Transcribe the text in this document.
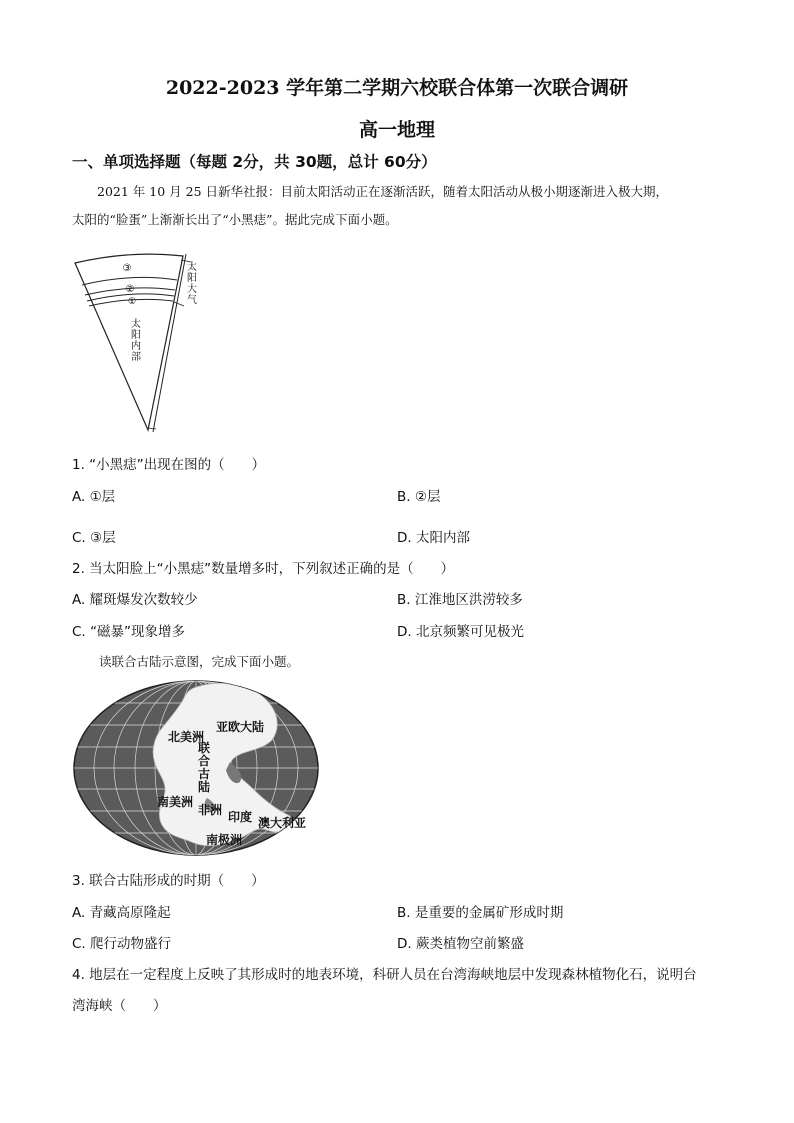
2022-2023 学年第二学期六校联合体第一次联合调研
高一地理
一、单项选择题（每题 2分，共 30题，总计 60分）
2021 年 10 月 25 日新华社报：目前太阳活动正在逐渐活跃，随着太阳活动从极小期逐渐进入极大期，
太阳的“脸蛋”上渐渐长出了“小黑痣”。据此完成下面小题。
③
②
①
太阳大气
太阳内部
1. “小黑痣”出现在图的（　　）
A. ①层	B. ②层
C. ③层	D. 太阳内部
2. 当太阳脸上“小黑痣”数量增多时，下列叙述正确的是（　　）
A. 耀斑爆发次数较少	B. 江淮地区洪涝较多
C. “磁暴”现象增多	D. 北京频繁可见极光
读联合古陆示意图，完成下面小题。
亚欧大陆
北美洲
联合古陆
南美洲
非洲 印度 澳大利亚
南极洲
3. 联合古陆形成的时期（　　）
A. 青藏高原隆起	B. 是重要的金属矿形成时期
C. 爬行动物盛行	D. 蕨类植物空前繁盛
4. 地层在一定程度上反映了其形成时的地表环境，科研人员在台湾海峡地层中发现森林植物化石，说明台
湾海峡（　　）
